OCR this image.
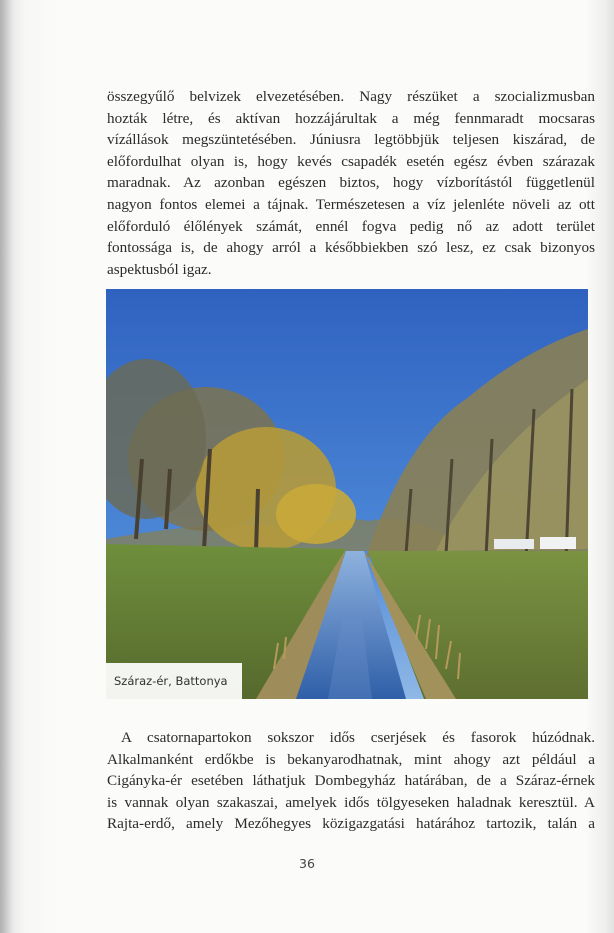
összegyűlő belvizek elvezetésében. Nagy részüket a szocializmusban
hozták létre, és aktívan hozzájárultak a még fennmaradt mocsaras
vízállások megszüntetésében. Júniusra legtöbbjük teljesen kiszárad, de
előfordulhat olyan is, hogy kevés csapadék esetén egész évben szárazak
maradnak. Az azonban egészen biztos, hogy vízborítástól függetlenül
nagyon fontos elemei a tájnak. Természetesen a víz jelenléte növeli az ott
előforduló élőlények számát, ennél fogva pedig nő az adott terület
fontossága is, de ahogy arról a későbbiekben szó lesz, ez csak bizonyos
aspektusból igaz.

Száraz-ér, Battonya

A csatornapartokon sokszor idős cserjések és fasorok húzódnak.
Alkalmanként erdőkbe is bekanyarodhatnak, mint ahogy azt például a
Cigányka-ér esetében láthatjuk Dombegyház határában, de a Száraz-érnek
is vannak olyan szakaszai, amelyek idős tölgyeseken haladnak keresztül. A
Rajta-erdő, amely Mezőhegyes közigazgatási határához tartozik, talán a

36
